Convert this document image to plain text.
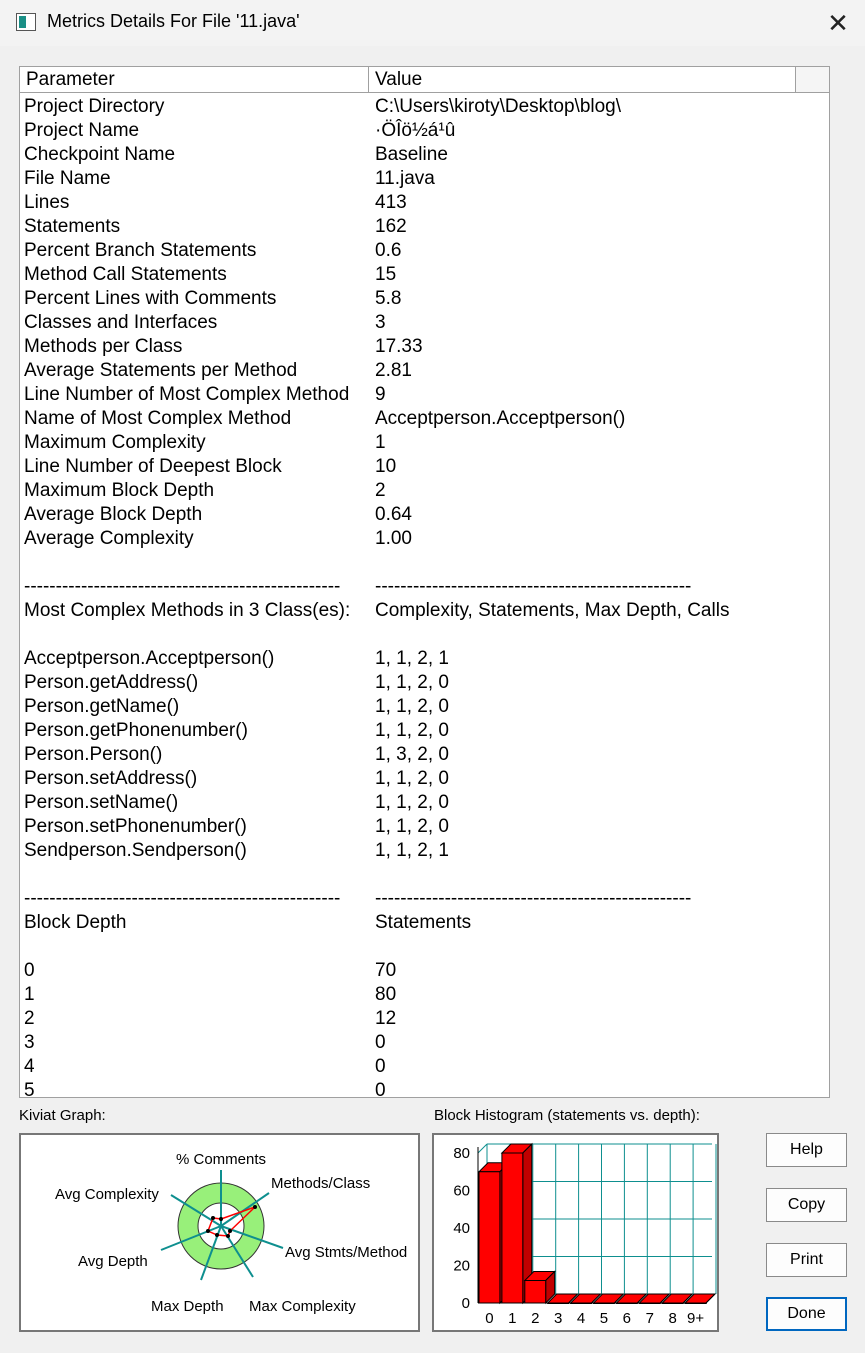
Metrics Details For File '11.java'	✕
Parameter	Value
Project Directory	C:\Users\kiroty\Desktop\blog\
Project Name	·ÖÎö½á¹û
Checkpoint Name	Baseline
File Name	11.java
Lines	413
Statements	162
Percent Branch Statements	0.6
Method Call Statements	15
Percent Lines with Comments	5.8
Classes and Interfaces	3
Methods per Class	17.33
Average Statements per Method	2.81
Line Number of Most Complex Method 9
Name of Most Complex Method	Acceptperson.Acceptperson()
Maximum Complexity	1
Line Number of Deepest Block	10
Maximum Block Depth	2
Average Block Depth	0.64
Average Complexity	1.00
-------------------------------------------------- --------------------------------------------------
Most Complex Methods in 3 Class(es): Complexity, Statements, Max Depth, Calls
Acceptperson.Acceptperson()	1, 1, 2, 1
Person.getAddress()	1, 1, 2, 0
Person.getName()	1, 1, 2, 0
Person.getPhonenumber()	1, 1, 2, 0
Person.Person()	1, 3, 2, 0
Person.setAddress()	1, 1, 2, 0
Person.setName()	1, 1, 2, 0
Person.setPhonenumber()	1, 1, 2, 0
Sendperson.Sendperson()	1, 1, 2, 1
-------------------------------------------------- --------------------------------------------------
Block Depth	Statements
0	70
1	80
2	12
3	0
4	0
5	0
Kiviat Graph:
% Comments
Methods/Class
Avg Stmts/Method
Max Complexity
Max Depth
Avg Depth
Avg Complexity
Block Histogram (statements vs. depth):
80
60
40
20
0
0 1 2 3 4 5 6 7 8 9+
Help
Copy
Print
Done
